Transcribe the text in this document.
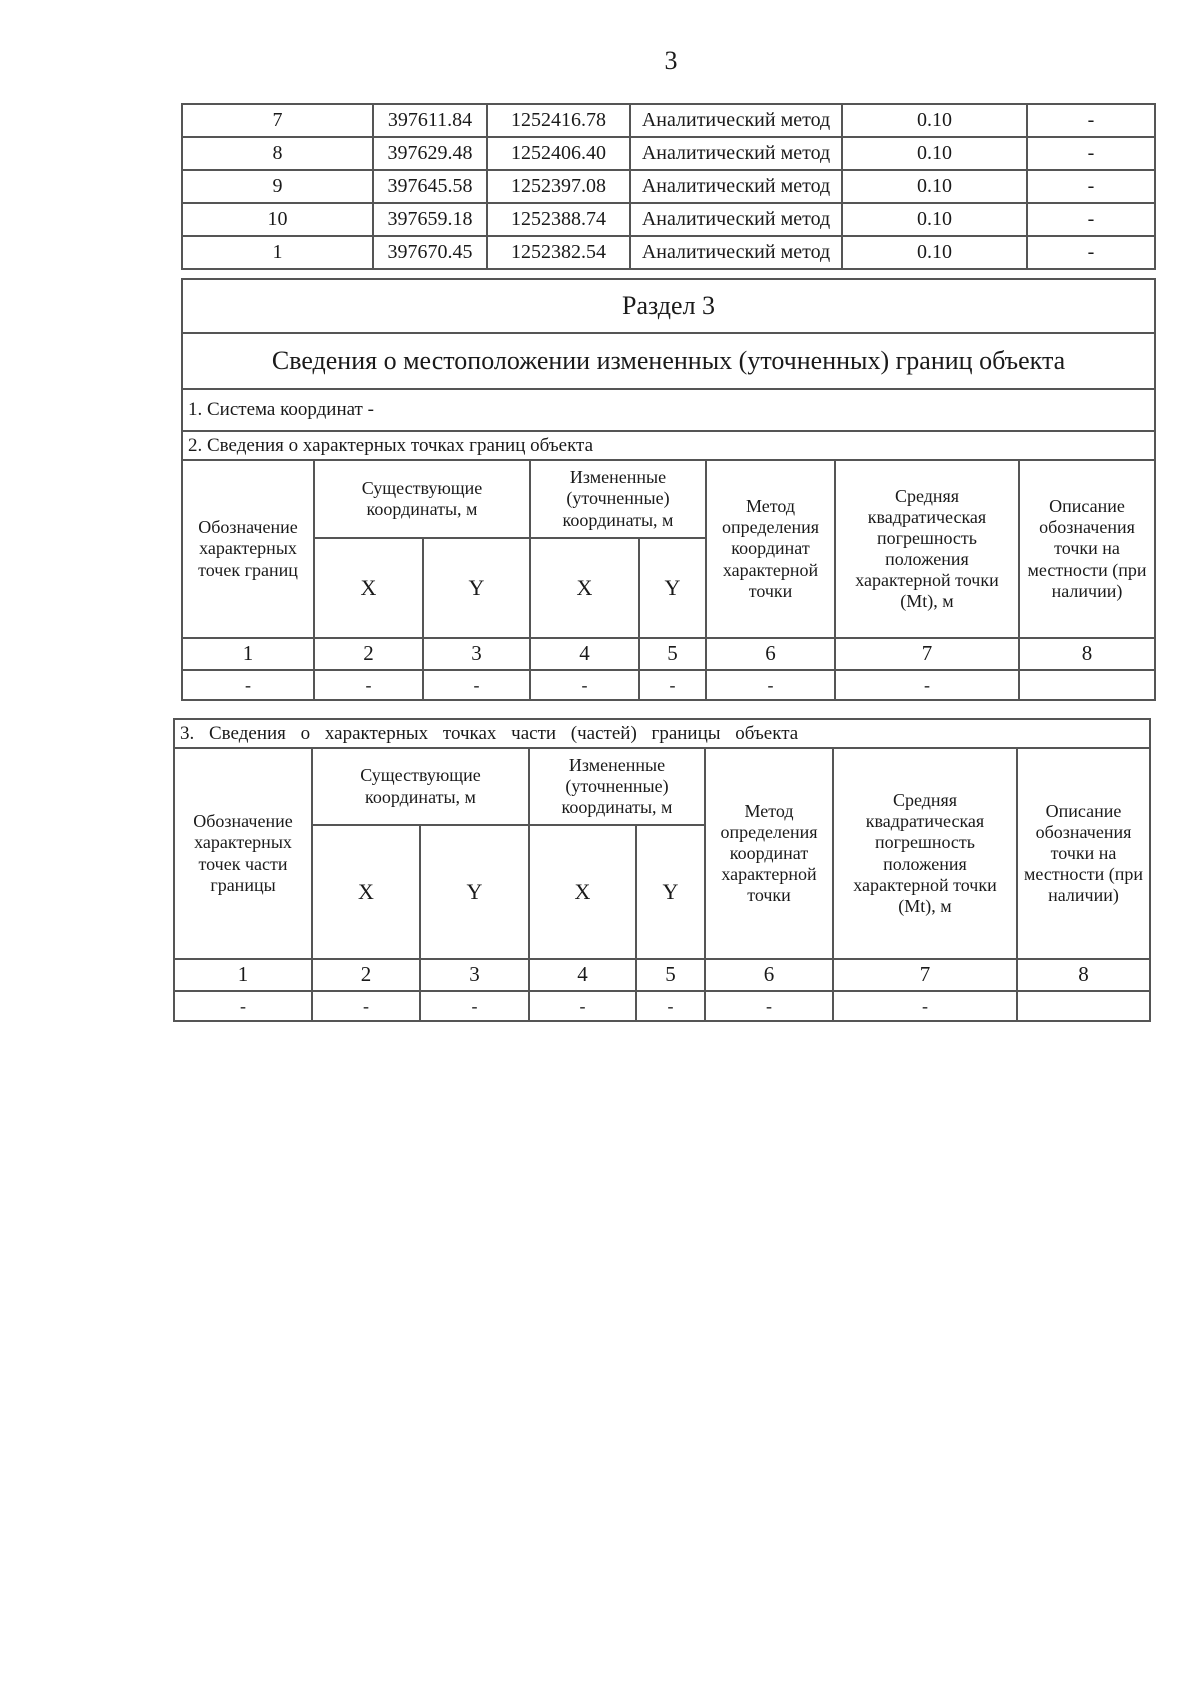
3
7	397611.84	1252416.78	Аналитический метод	0.10	-
8	397629.48	1252406.40	Аналитический метод	0.10	-
9	397645.58	1252397.08	Аналитический метод	0.10	-
10	397659.18	1252388.74	Аналитический метод	0.10	-
1	397670.45	1252382.54	Аналитический метод	0.10	-
Раздел 3							
Сведения о местоположении измененных (уточненных) границ объекта							
1. Система координат -							
2. Сведения о характерных точках границ объекта							
Обозначение характерных точек границ	Существующие координаты, м		Измененные (уточненные) координаты, м		Метод определения координат характерной точки	Средняя квадратическая погрешность положения характерной точки (Mt), м	Описание обозначения точки на местности (при наличии)
	X	Y	X	Y			
1	2	3	4	5	6	7	8
-	-	-	-	-	-	-	
3. Сведения о характерных точках части (частей) границы объекта							
Обозначение характерных точек части границы	Существующие координаты, м		Измененные (уточненные) координаты, м		Метод определения координат характерной точки	Средняя квадратическая погрешность положения характерной точки (Mt), м	Описание обозначения точки на местности (при наличии)
	X	Y	X	Y			
1	2	3	4	5	6	7	8
-	-	-	-	-	-	-	
